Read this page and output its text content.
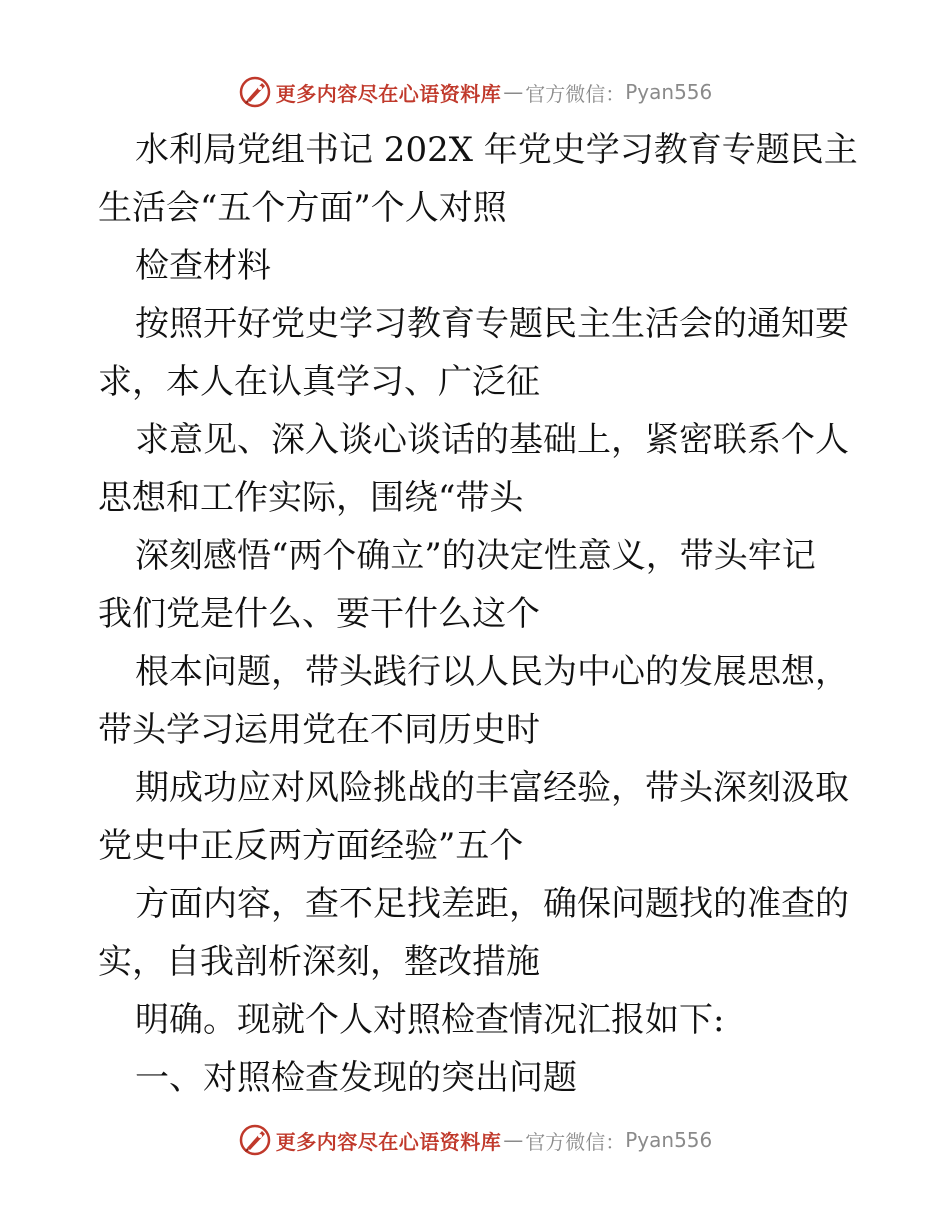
更多内容尽在心语资料库 — 官方微信： Pyan556
水利局党组书记 202X 年党史学习教育专题民主
生活会“五个方面”个人对照
检查材料
按照开好党史学习教育专题民主生活会的通知要
求，本人在认真学习、广泛征
求意见、深入谈心谈话的基础上，紧密联系个人
思想和工作实际，围绕“带头
深刻感悟“两个确立”的决定性意义，带头牢记
我们党是什么、要干什么这个
根本问题，带头践行以人民为中心的发展思想，
带头学习运用党在不同历史时
期成功应对风险挑战的丰富经验，带头深刻汲取
党史中正反两方面经验”五个
方面内容，查不足找差距，确保问题找的准查的
实，自我剖析深刻，整改措施
明确。现就个人对照检查情况汇报如下:
一、对照检查发现的突出问题
更多内容尽在心语资料库 — 官方微信： Pyan556
